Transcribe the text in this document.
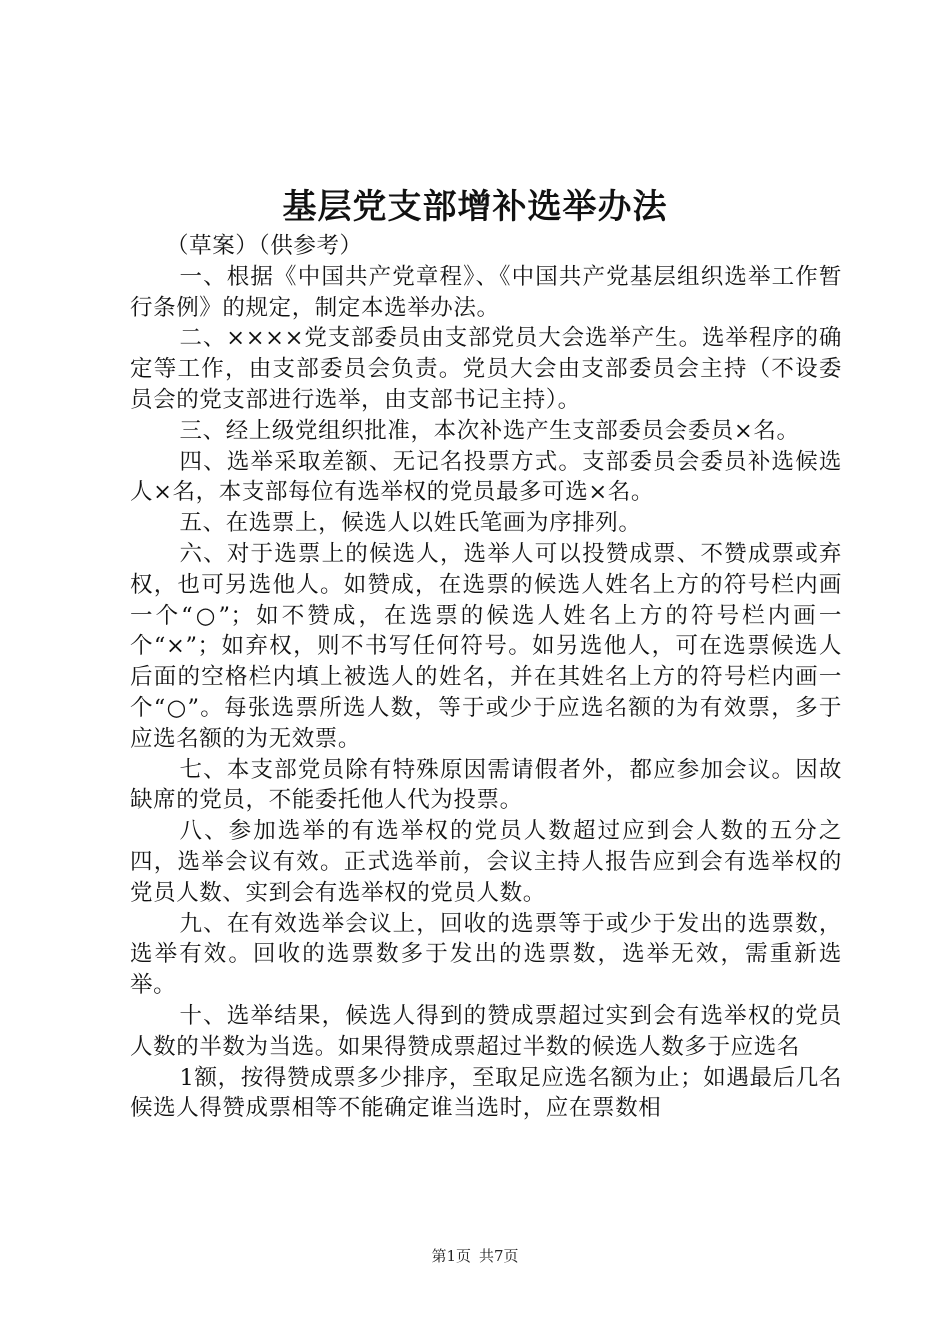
基层党支部增补选举办法

（草案）（供参考）

一、根据《中国共产党章程》、《中国共产党基层组织选举工作暂行条例》的规定，制定本选举办法。

二、××××党支部委员由支部党员大会选举产生。选举程序的确定等工作，由支部委员会负责。党员大会由支部委员会主持（不设委员会的党支部进行选举，由支部书记主持）。

三、经上级党组织批准，本次补选产生支部委员会委员×名。

四、选举采取差额、无记名投票方式。支部委员会委员补选候选人×名，本支部每位有选举权的党员最多可选×名。

五、在选票上，候选人以姓氏笔画为序排列。

六、对于选票上的候选人，选举人可以投赞成票、不赞成票或弃权，也可另选他人。如赞成，在选票的候选人姓名上方的符号栏内画一个“○”；如不赞成，在选票的候选人姓名上方的符号栏内画一个“×”；如弃权，则不书写任何符号。如另选他人，可在选票候选人后面的空格栏内填上被选人的姓名，并在其姓名上方的符号栏内画一个“○”。每张选票所选人数，等于或少于应选名额的为有效票，多于应选名额的为无效票。

七、本支部党员除有特殊原因需请假者外，都应参加会议。因故缺席的党员，不能委托他人代为投票。

八、参加选举的有选举权的党员人数超过应到会人数的五分之四，选举会议有效。正式选举前，会议主持人报告应到会有选举权的党员人数、实到会有选举权的党员人数。

九、在有效选举会议上，回收的选票等于或少于发出的选票数，选举有效。回收的选票数多于发出的选票数，选举无效，需重新选举。

十、选举结果，候选人得到的赞成票超过实到会有选举权的党员人数的半数为当选。如果得赞成票超过半数的候选人数多于应选名

1额，按得赞成票多少排序，至取足应选名额为止；如遇最后几名候选人得赞成票相等不能确定谁当选时，应在票数相

第1页 共7页
